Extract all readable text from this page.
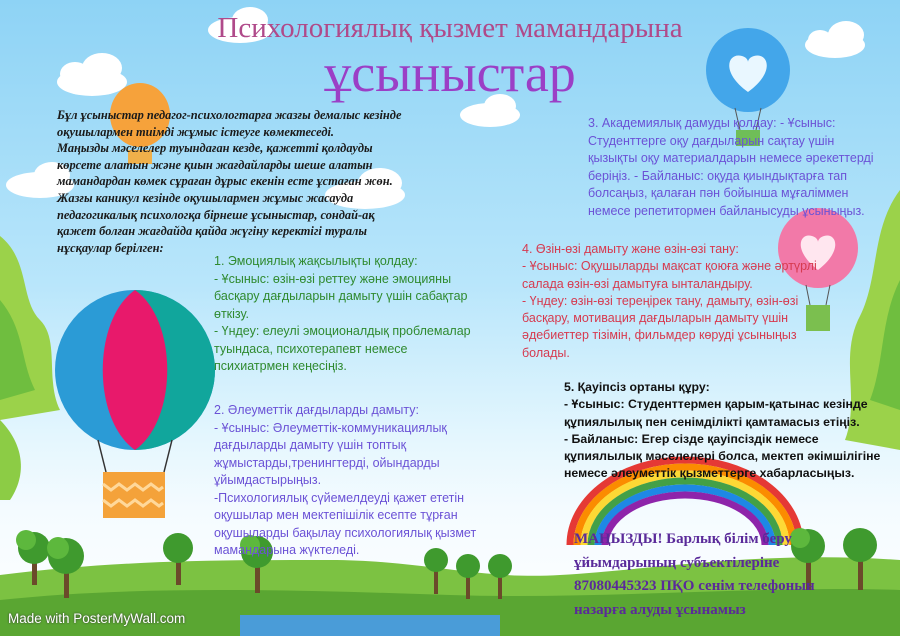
Психологиялық қызмет мамандарына
ұсыныстар
Бұл ұсыныстар педагог-психологтарға жазғы демалыс кезінде
оқушылармен тиімді жұмыс істеуге көмектеседі.
Маңызды мәселелер туындаған кезде, қажетті қолдауды
көрсете алатын және қиын жағдайларды шеше алатын
мамандардан көмек сұраған дұрыс екенін есте ұстаған жөн.
Жазғы каникул кезінде оқушылармен жұмыс жасауда
педагогикалық психологқа бірнеше ұсыныстар, сондай-ақ
қажет болған жағдайда қайда жүгіну керектігі туралы
нұсқаулар берілген:

1. Эмоциялық жақсылықты қолдау:

- Ұсыныс: өзін-өзі реттеу және эмоцияны

басқару дағдыларын дамыту үшін сабақтар

өткізу.

- Үндеу: елеулі эмоционалдық проблемалар

туындаса, психотерапевт немесе

психиатрмен кеңесіңіз.

2. Әлеуметтік дағдыларды дамыту:

- Ұсыныс: Әлеуметтік-коммуникациялық

дағдыларды дамыту үшін топтық

жұмыстарды,тренингтерді, ойындарды

ұйымдастырыңыз.

-Психологиялық сүйемелдеуді қажет ететін

оқушылар мен мектепішілік есепте тұрған

оқушыларды бақылау психологиялық қызмет

мамандарына жүктеледі.

3. Академиялық дамуды қолдау: - Ұсыныс:

Студенттерге оқу дағдыларын сақтау үшін

қызықты оқу материалдарын немесе әрекеттерді

беріңіз. - Байланыс: оқуда қиындықтарға тап

болсаңыз, қалаған пән бойынша мұғаліммен

немесе репетитормен байланысуды ұсыныңыз.

4. Өзін-өзі дамыту және өзін-өзі тану:

- Ұсыныс: Оқушыларды мақсат қоюға және әртүрлі

салада өзін-өзі дамытуға ынталандыру.

- Үндеу: өзін-өзі тереңірек тану, дамыту, өзін-өзі

басқару, мотивация дағдыларын дамыту үшін

әдебиеттер тізімін, фильмдер көруді ұсыныңыз

болады.

5. Қауіпсіз ортаны құру:

- Ұсыныс: Студенттермен қарым-қатынас кезінде

құпиялылық пен сенімділікті қамтамасыз етіңіз.

- Байланыс: Егер сізде қауіпсіздік немесе

құпиялылық мәселелері болса, мектеп әкімшілігіне

немесе әлеуметтік қызметтерге хабарласыңыз.

МАҢЫЗДЫ! Барлық білім беру
ұйымдарының субъектілеріне
87080445323 ПҚО сенім телефонын
назарға алуды ұсынамыз

Made with PosterMyWall.com
